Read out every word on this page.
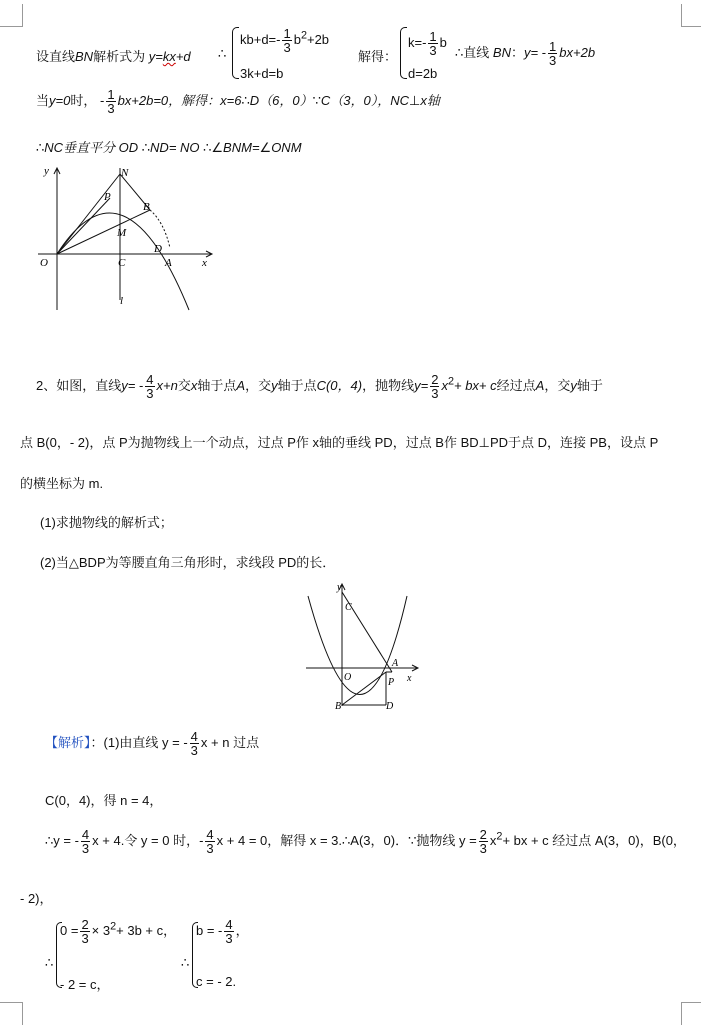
设直线BN解析式为 y=kx+d ∴
$kb+d=- \frac{1}{3} b^2+2b$
3k+d=b
解得：
$k=- \frac{1}{3}$ b
d=2b
∴直线 BN：$y= - \frac{1}{3} bx+2b$
当y=0时， - $\frac{1}{3} bx+2b=0$，解得：x=6∴D（6，0）∵C（3，0），NC⊥x轴
∴NC垂直平分 OD ∴ND= NO ∴∠BNM=∠ONM
y	N
P
B
M
D
O	C	A	x
l
2、如图，直线$y= - \frac{4}{3} x+n$交x轴于点A，交y轴于点C(0，4)，抛物线$y= \frac{2}{3} x^2+ bx+ c$经过点A，交y轴于
点 B(0，- 2)，点 P为抛物线上一个动点，过点 P作 x轴的垂线 PD，过点 B作 BD⊥PD于点 D，连接 PB，设点 P
的横坐标为 m.
(1)求抛物线的解析式；
(2)当△BDP为等腰直角三角形时，求线段 PD的长．
y
C
A
O	P x
B	D
【解析】：(1)由直线 y = - $\frac{4}{3}$ x + n 过点
C(0，4)，得 n = 4，
∴y = - $\frac{4}{3}$ x + 4.令 y = 0 时，- $\frac{4}{3}$ x + 4 = 0，解得 x = 3.∴A(3，0)．∵抛物线 $y = \frac{2}{3} x^2+$ bx + c 经过点 A(3，0)，B(0，
- 2)，
∴
$0 = \frac{2}{3} \times 3^2+ 3b + c$，
- 2 = c，
∴
b = - $\frac{4}{3}$ ，
c = - 2.
